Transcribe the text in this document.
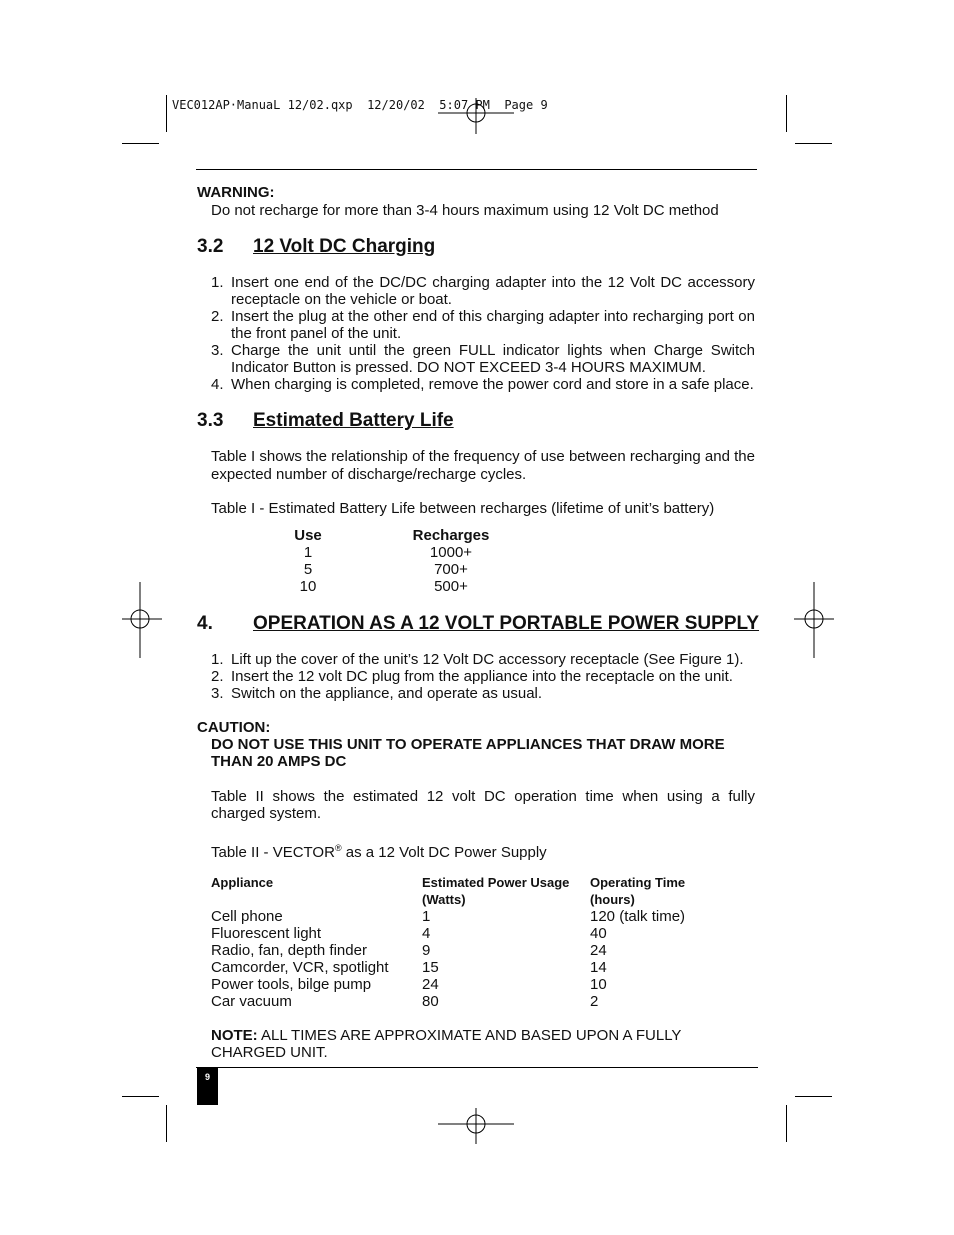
VEC012AP·ManuaL 12/02.qxp  12/20/02  5:07 PM  Page 9
WARNING:
Do not recharge for more than 3-4 hours maximum using 12 Volt DC method
3.2 12 Volt DC Charging
1. Insert one end of the DC/DC charging adapter into the 12 Volt DC accessory receptacle on the vehicle or boat.
2. Insert the plug at the other end of this charging adapter into recharging port on the front panel of the unit.
3. Charge the unit until the green FULL indicator lights when Charge Switch Indicator Button is pressed. DO NOT EXCEED 3-4 HOURS MAXIMUM.
4. When charging is completed, remove the power cord and store in a safe place.
3.3 Estimated Battery Life
Table I shows the relationship of the frequency of use between recharging and the expected number of discharge/recharge cycles.
Table I - Estimated Battery Life between recharges (lifetime of unit’s battery)
Use	Recharges
1	1000+
5	700+
10	500+
4. OPERATION AS A 12 VOLT PORTABLE POWER SUPPLY
1. Lift up the cover of the unit’s 12 Volt DC accessory receptacle (See Figure 1).
2. Insert the 12 volt DC plug from the appliance into the receptacle on the unit.
3. Switch on the appliance, and operate as usual.
CAUTION:
DO NOT USE THIS UNIT TO OPERATE APPLIANCES THAT DRAW MORE THAN 20 AMPS DC
Table II shows the estimated 12 volt DC operation time when using a fully charged system.
Table II - VECTOR® as a 12 Volt DC Power Supply
Appliance	Estimated Power Usage	Operating Time
	(Watts)	(hours)
Cell phone	1	120 (talk time)
Fluorescent light	4	40
Radio, fan, depth finder	9	24
Camcorder, VCR, spotlight	15	14
Power tools, bilge pump	24	10
Car vacuum	80	2
NOTE: ALL TIMES ARE APPROXIMATE AND BASED UPON A FULLY CHARGED UNIT.
9
